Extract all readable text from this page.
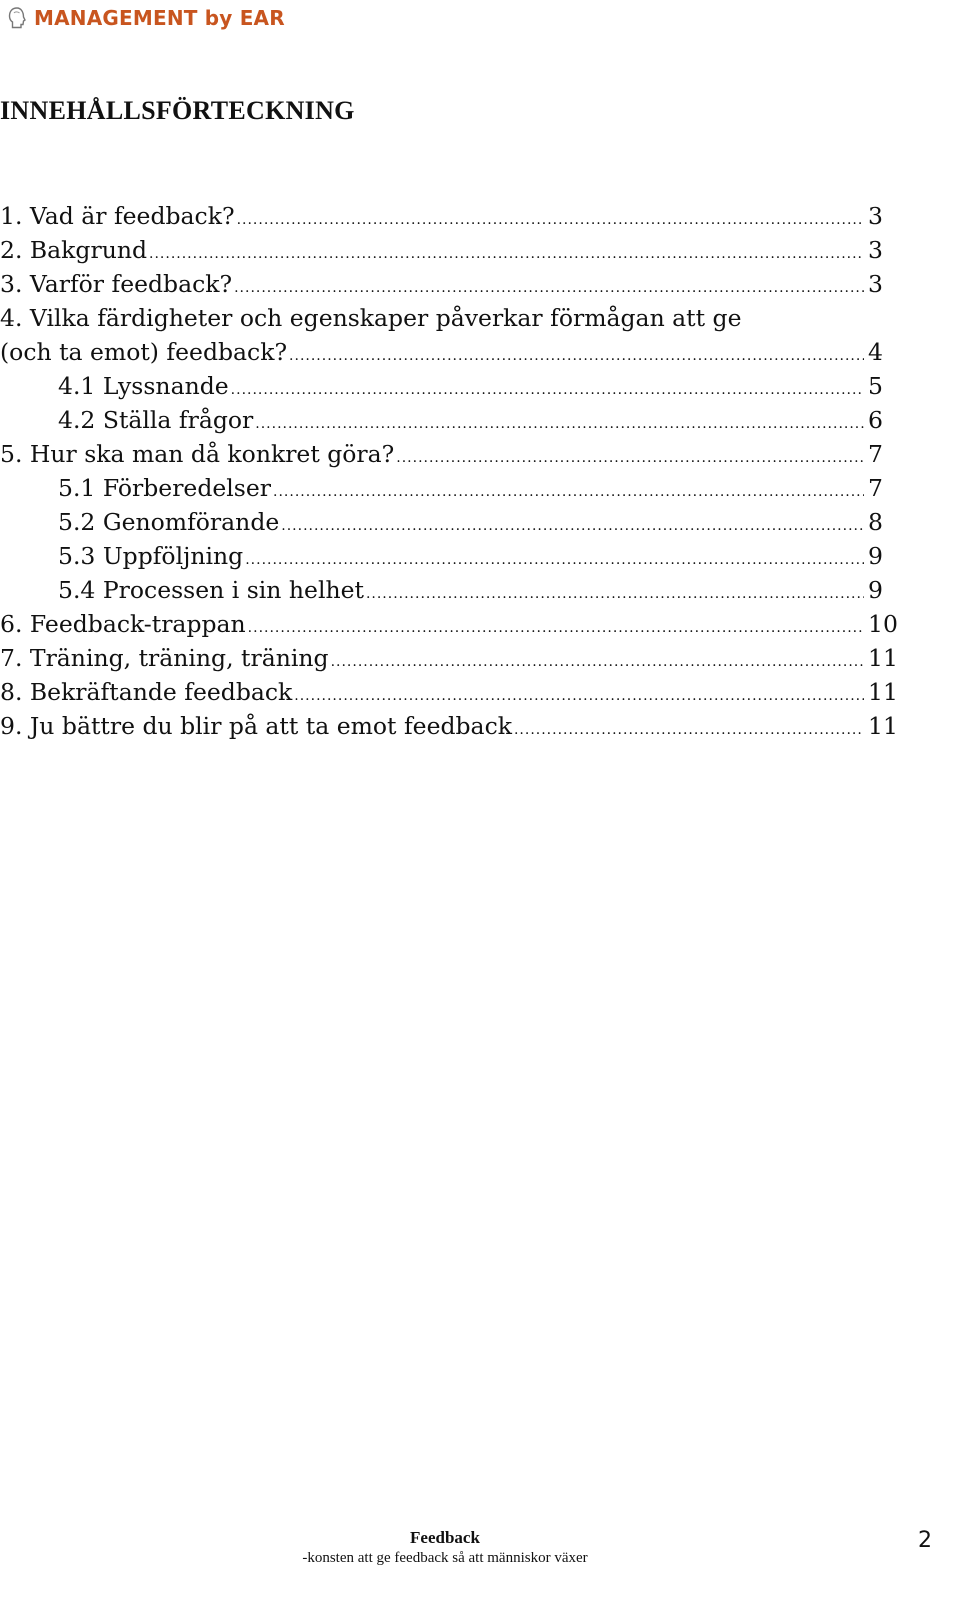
MANAGEMENT by EAR
INNEHÅLLSFÖRTECKNING
1. Vad är feedback? .....	3
2. Bakgrund .....	3
3. Varför feedback? .....	3
4. Vilka färdigheter och egenskaper påverkar förmågan att ge
(och ta emot) feedback? .....	4
4.1 Lyssnande .....	5
4.2 Ställa frågor .....	6
5. Hur ska man då konkret göra? .....	7
5.1 Förberedelser .....	7
5.2 Genomförande .....	8
5.3 Uppföljning .....	9
5.4 Processen i sin helhet .....	9
6. Feedback-trappan .....	10
7. Träning, träning, träning .....	11
8. Bekräftande feedback .....	11
9. Ju bättre du blir på att ta emot feedback .....	11
Feedback
-konsten att ge feedback så att människor växer
2
